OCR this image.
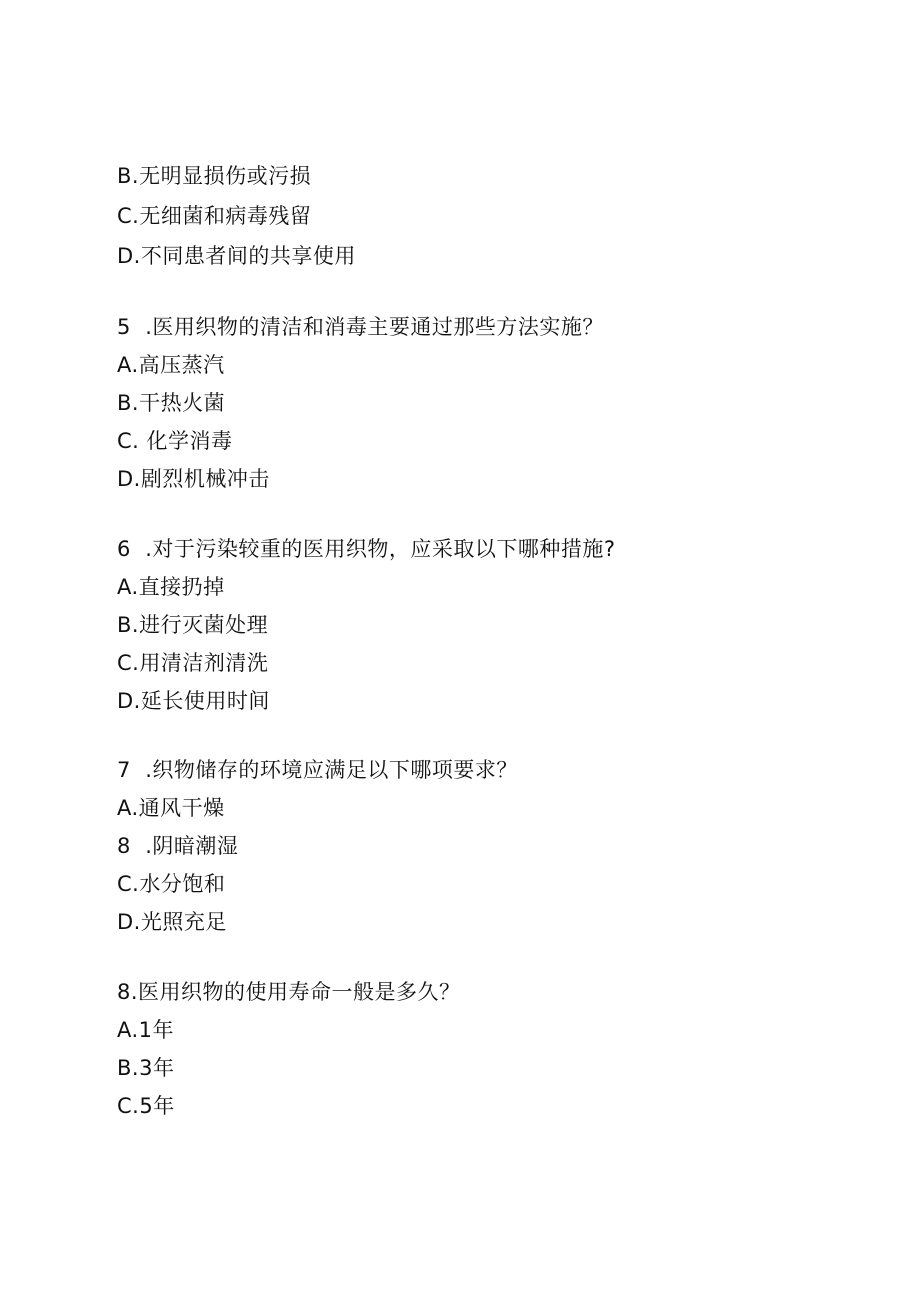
B.无明显损伤或污损
C.无细菌和病毒残留
D.不同患者间的共享使用
5  .医用织物的清洁和消毒主要通过那些方法实施？
A.高压蒸汽
B.干热火菌
C. 化学消毒
D.剧烈机械冲击
6  .对于污染较重的医用织物，应采取以下哪种措施?
A.直接扔掉
B.进行灭菌处理
C.用清洁剂清洗
D.延长使用时间
7  .织物储存的环境应满足以下哪项要求？
A.通风干燥
8  .阴暗潮湿
C.水分饱和
D.光照充足
8.医用织物的使用寿命一般是多久？
A.1年
B.3年
C.5年
